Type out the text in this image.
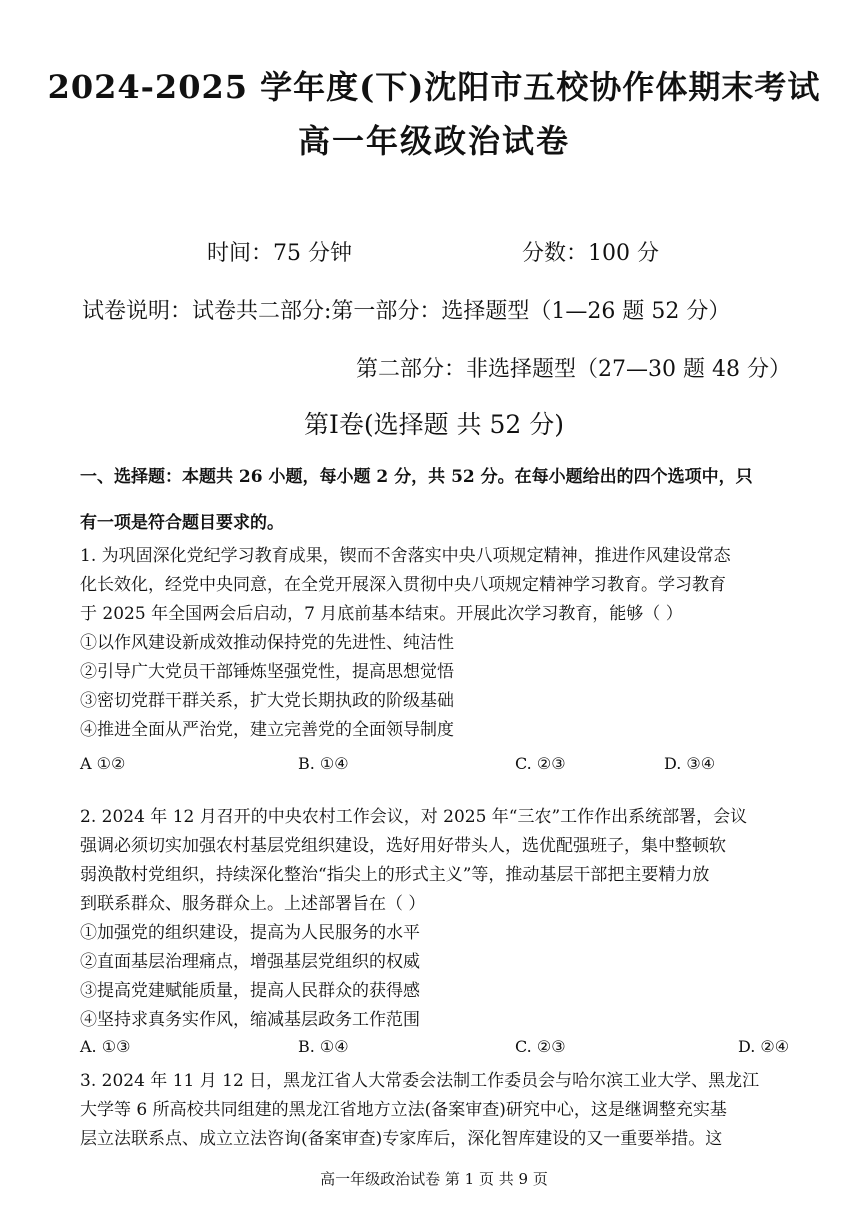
2024-2025 学年度(下)沈阳市五校协作体期末考试
高一年级政治试卷
时间：75 分钟	分数：100 分
试卷说明：试卷共二部分:第一部分：选择题型（1—26 题 52 分）
第二部分：非选择题型（27—30 题 48 分）
第Ⅰ卷(选择题 共 52 分)
一、选择题：本题共 26 小题，每小题 2 分，共 52 分。在每小题给出的四个选项中，只
有一项是符合题目要求的。
1. 为巩固深化党纪学习教育成果，锲而不舍落实中央八项规定精神，推进作风建设常态
化长效化，经党中央同意，在全党开展深入贯彻中央八项规定精神学习教育。学习教育
于 2025 年全国两会后启动，7 月底前基本结束。开展此次学习教育，能够（ ）
①以作风建设新成效推动保持党的先进性、纯洁性
②引导广大党员干部锤炼坚强党性，提高思想觉悟
③密切党群干群关系，扩大党长期执政的阶级基础
④推进全面从严治党，建立完善党的全面领导制度
A ①②	B. ①④	C. ②③	D. ③④
2. 2024 年 12 月召开的中央农村工作会议，对 2025 年“三农”工作作出系统部署，会议
强调必须切实加强农村基层党组织建设，选好用好带头人，选优配强班子，集中整顿软
弱涣散村党组织，持续深化整治“指尖上的形式主义”等，推动基层干部把主要精力放
到联系群众、服务群众上。上述部署旨在（ ）
①加强党的组织建设，提高为人民服务的水平
②直面基层治理痛点，增强基层党组织的权威
③提高党建赋能质量，提高人民群众的获得感
④坚持求真务实作风，缩减基层政务工作范围
A. ①③	B. ①④	C. ②③	D. ②④
3. 2024 年 11 月 12 日，黑龙江省人大常委会法制工作委员会与哈尔滨工业大学、黑龙江
大学等 6 所高校共同组建的黑龙江省地方立法(备案审查)研究中心，这是继调整充实基
层立法联系点、成立立法咨询(备案审查)专家库后，深化智库建设的又一重要举措。这
高一年级政治试卷 第 1 页 共 9 页
